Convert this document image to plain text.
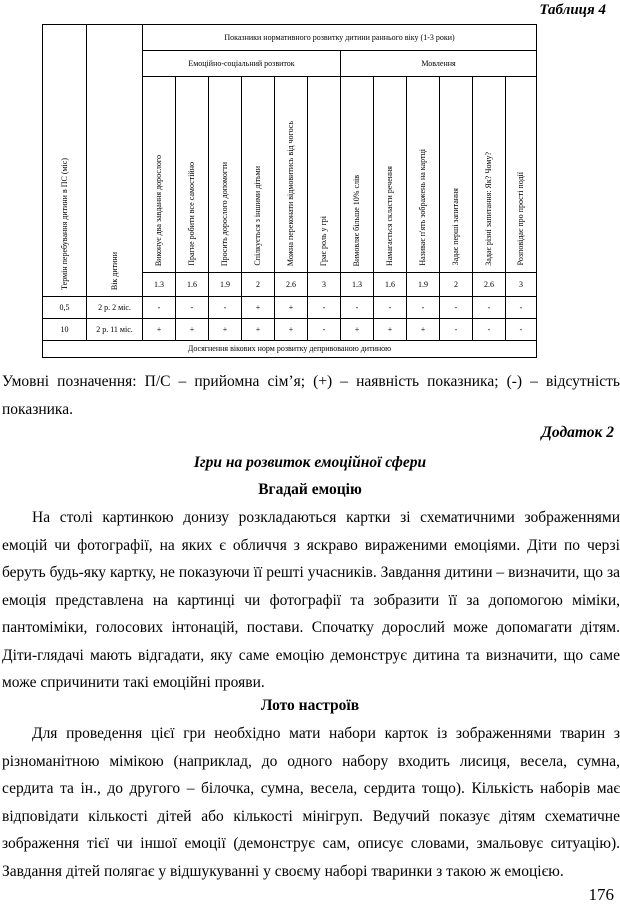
Таблиця 4
Термін перебування дитини в ПС (міс)	Вік дитини	Показники нормативного розвитку дитини раннього віку (1-3 роки)											
		Емоційно-соціальний розвиток						Мовлення					
		Виконує два завдання дорослого	Прагне робити все самостійно	Просить дорослого допомогти	Спілкується з іншими дітьми	Можна переконати відмовитись від чогось	Грає роль у грі	Вимовляє більше 10% слів	Намагається скласти речення	Називає п'ять зображень на картці	Задає перші запитання	Задає різні запитання: Як? Чому?	Розповідає про прості події
		1.3	1.6	1.9	2	2.6	3	1.3	1.6	1.9	2	2.6	3
0,5	2 р. 2 міс.	-	-	-	+	+	-	-	-	-	-	-	-
10	2 р. 11 міс.	+	+	+	+	+	-	+	+	+	-	-	-
Досягнення вікових норм розвитку депривованою дитиною													

Умовні позначення: П/С – прийомна сім’я; (+) – наявність показника; (-) – відсутність показника.

Додаток 2
Ігри на розвиток емоційної сфери
Вгадай емоцію

На столі картинкою донизу розкладаються картки зі схематичними зображеннями емоцій чи фотографії, на яких є обличчя з яскраво вираженими емоціями. Діти по черзі беруть будь-яку картку, не показуючи її решті учасників. Завдання дитини – визначити, що за емоція представлена на картинці чи фотографії та зобразити її за допомогою міміки, пантоміміки, голосових інтонацій, постави. Спочатку дорослий може допомагати дітям. Діти-глядачі мають відгадати, яку саме емоцію демонструє дитина та визначити, що саме може спричинити такі емоційні прояви.

Лото настроїв

Для проведення цієї гри необхідно мати набори карток із зображеннями тварин з різноманітною мімікою (наприклад, до одного набору входить лисиця, весела, сумна, сердита та ін., до другого – білочка, сумна, весела, сердита тощо). Кількість наборів має відповідати кількості дітей або кількості мінігруп. Ведучий показує дітям схематичне зображення тієї чи іншої емоції (демонструє сам, описує словами, змальовує ситуацію). Завдання дітей полягає у відшукуванні у своєму наборі тваринки з такою ж емоцією.

176
